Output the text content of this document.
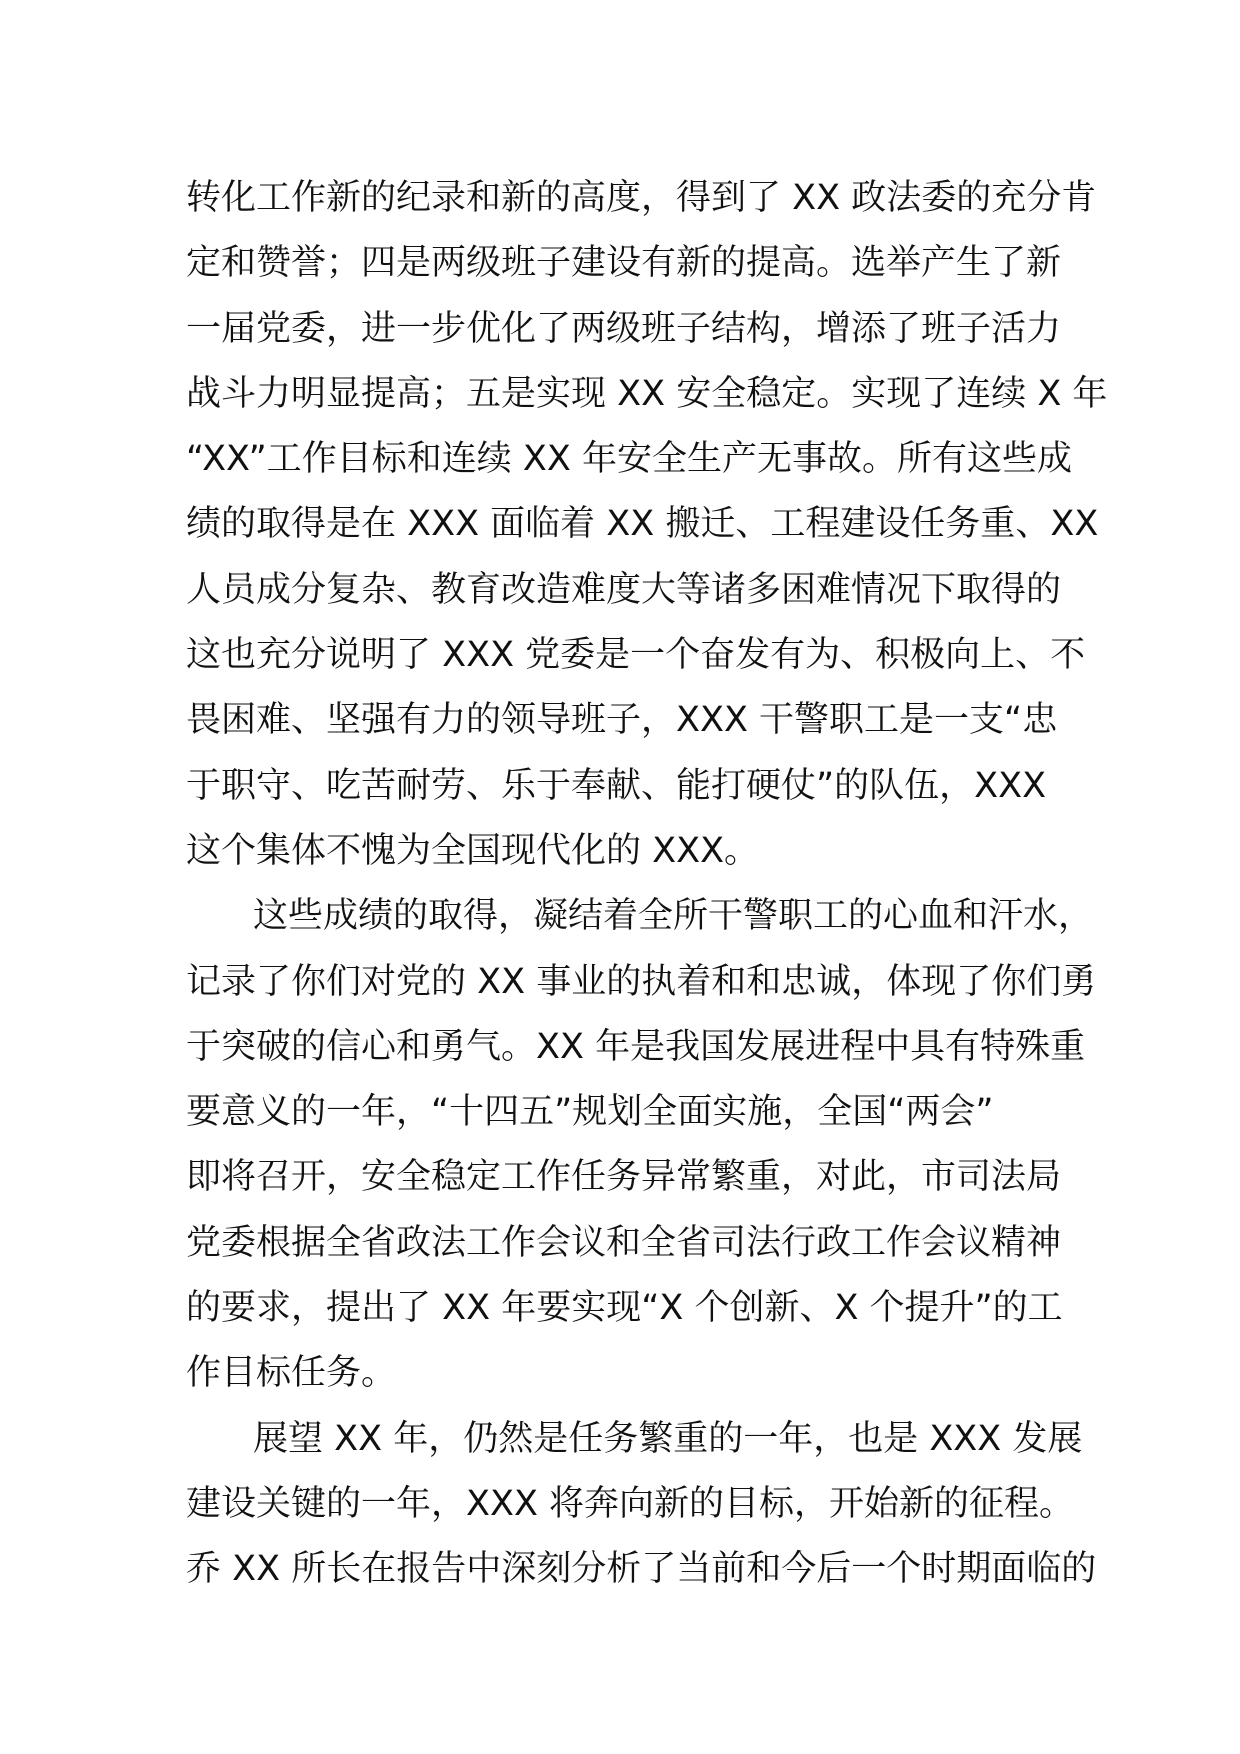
转化工作新的纪录和新的高度，得到了 XX 政法委的充分肯
定和赞誉；四是两级班子建设有新的提高。选举产生了新
一届党委，进一步优化了两级班子结构，增添了班子活力
战斗力明显提高；五是实现 XX 安全稳定。实现了连续 X 年
“XX”工作目标和连续 XX 年安全生产无事故。所有这些成
绩的取得是在 XXX 面临着 XX 搬迁、工程建设任务重、XX
人员成分复杂、教育改造难度大等诸多困难情况下取得的
这也充分说明了 XXX 党委是一个奋发有为、积极向上、不
畏困难、坚强有力的领导班子，XXX 干警职工是一支“忠
于职守、吃苦耐劳、乐于奉献、能打硬仗”的队伍，XXX
这个集体不愧为全国现代化的 XXX。
这些成绩的取得，凝结着全所干警职工的心血和汗水，
记录了你们对党的 XX 事业的执着和和忠诚，体现了你们勇
于突破的信心和勇气。XX 年是我国发展进程中具有特殊重
要意义的一年，“十四五”规划全面实施，全国“两会”
即将召开，安全稳定工作任务异常繁重，对此，市司法局
党委根据全省政法工作会议和全省司法行政工作会议精神
的要求，提出了 XX 年要实现“X 个创新、X 个提升”的工
作目标任务。
展望 XX 年，仍然是任务繁重的一年，也是 XXX 发展
建设关键的一年，XXX 将奔向新的目标，开始新的征程。
乔 XX 所长在报告中深刻分析了当前和今后一个时期面临的
